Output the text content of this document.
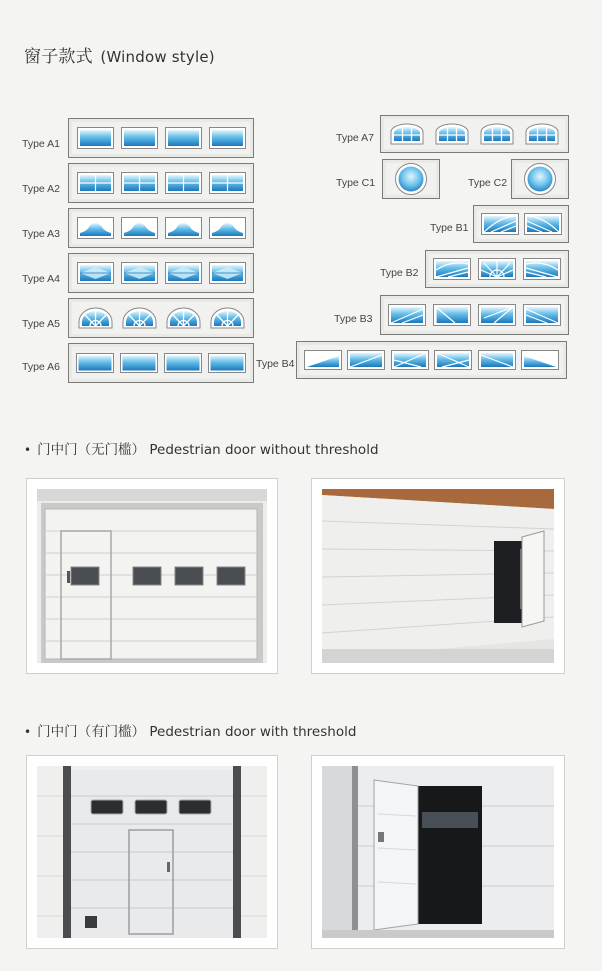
窗子款式 (Window style)
Type A1
Type A2
Type A3
Type A4
Type A5
Type A6
Type A7
Type C1	Type C2
Type B1
Type B2
Type B3
Type B4
• 门中门（无门槛） Pedestrian door without threshold
• 门中门（有门槛） Pedestrian door with threshold
